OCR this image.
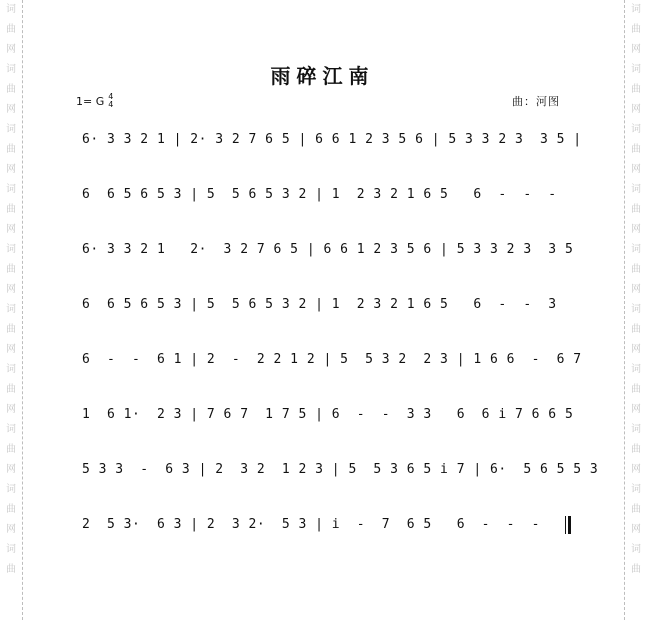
词
曲
网
词
曲
网
词
曲
网
词
曲
网
词
曲
网
词
曲
网
词
曲
网
词
曲
网
词
曲
网
词
曲
词
曲
网
词
曲
网
词
曲
网
词
曲
网
词
曲
网
词
曲
网
词
曲
网
词
曲
网
词
曲
网
词
曲
雨碎江南
1= G 4
4	曲：河图
6· 3 3 2 1 | 2· 3 2 7 6 5 | 6 6 1 2 3 5 6 | 5 3 3 2 3  3 5 |
6  6 5 6 5 3 | 5  5 6 5 3 2 | 1  2 3 2 1 6 5   6  -  -  -
6· 3 3 2 1   2·  3 2 7 6 5 | 6 6 1 2 3 5 6 | 5 3 3 2 3  3 5
6  6 5 6 5 3 | 5  5 6 5 3 2 | 1  2 3 2 1 6 5   6  -  -  3
6  -  -  6 1 | 2  -  2 2 1 2 | 5  5 3 2  2 3 | 1 6 6  -  6 7
1  6 1·  2 3 | 7 6 7  1 7 5 | 6  -  -  3 3   6  6 i 7 6 6 5
5 3 3  -  6 3 | 2  3 2  1 2 3 | 5  5 3 6 5 i 7 | 6·  5 6 5 5 3
2  5 3·  6 3 | 2  3 2·  5 3 | i  -  7  6 5   6  -  -  -
